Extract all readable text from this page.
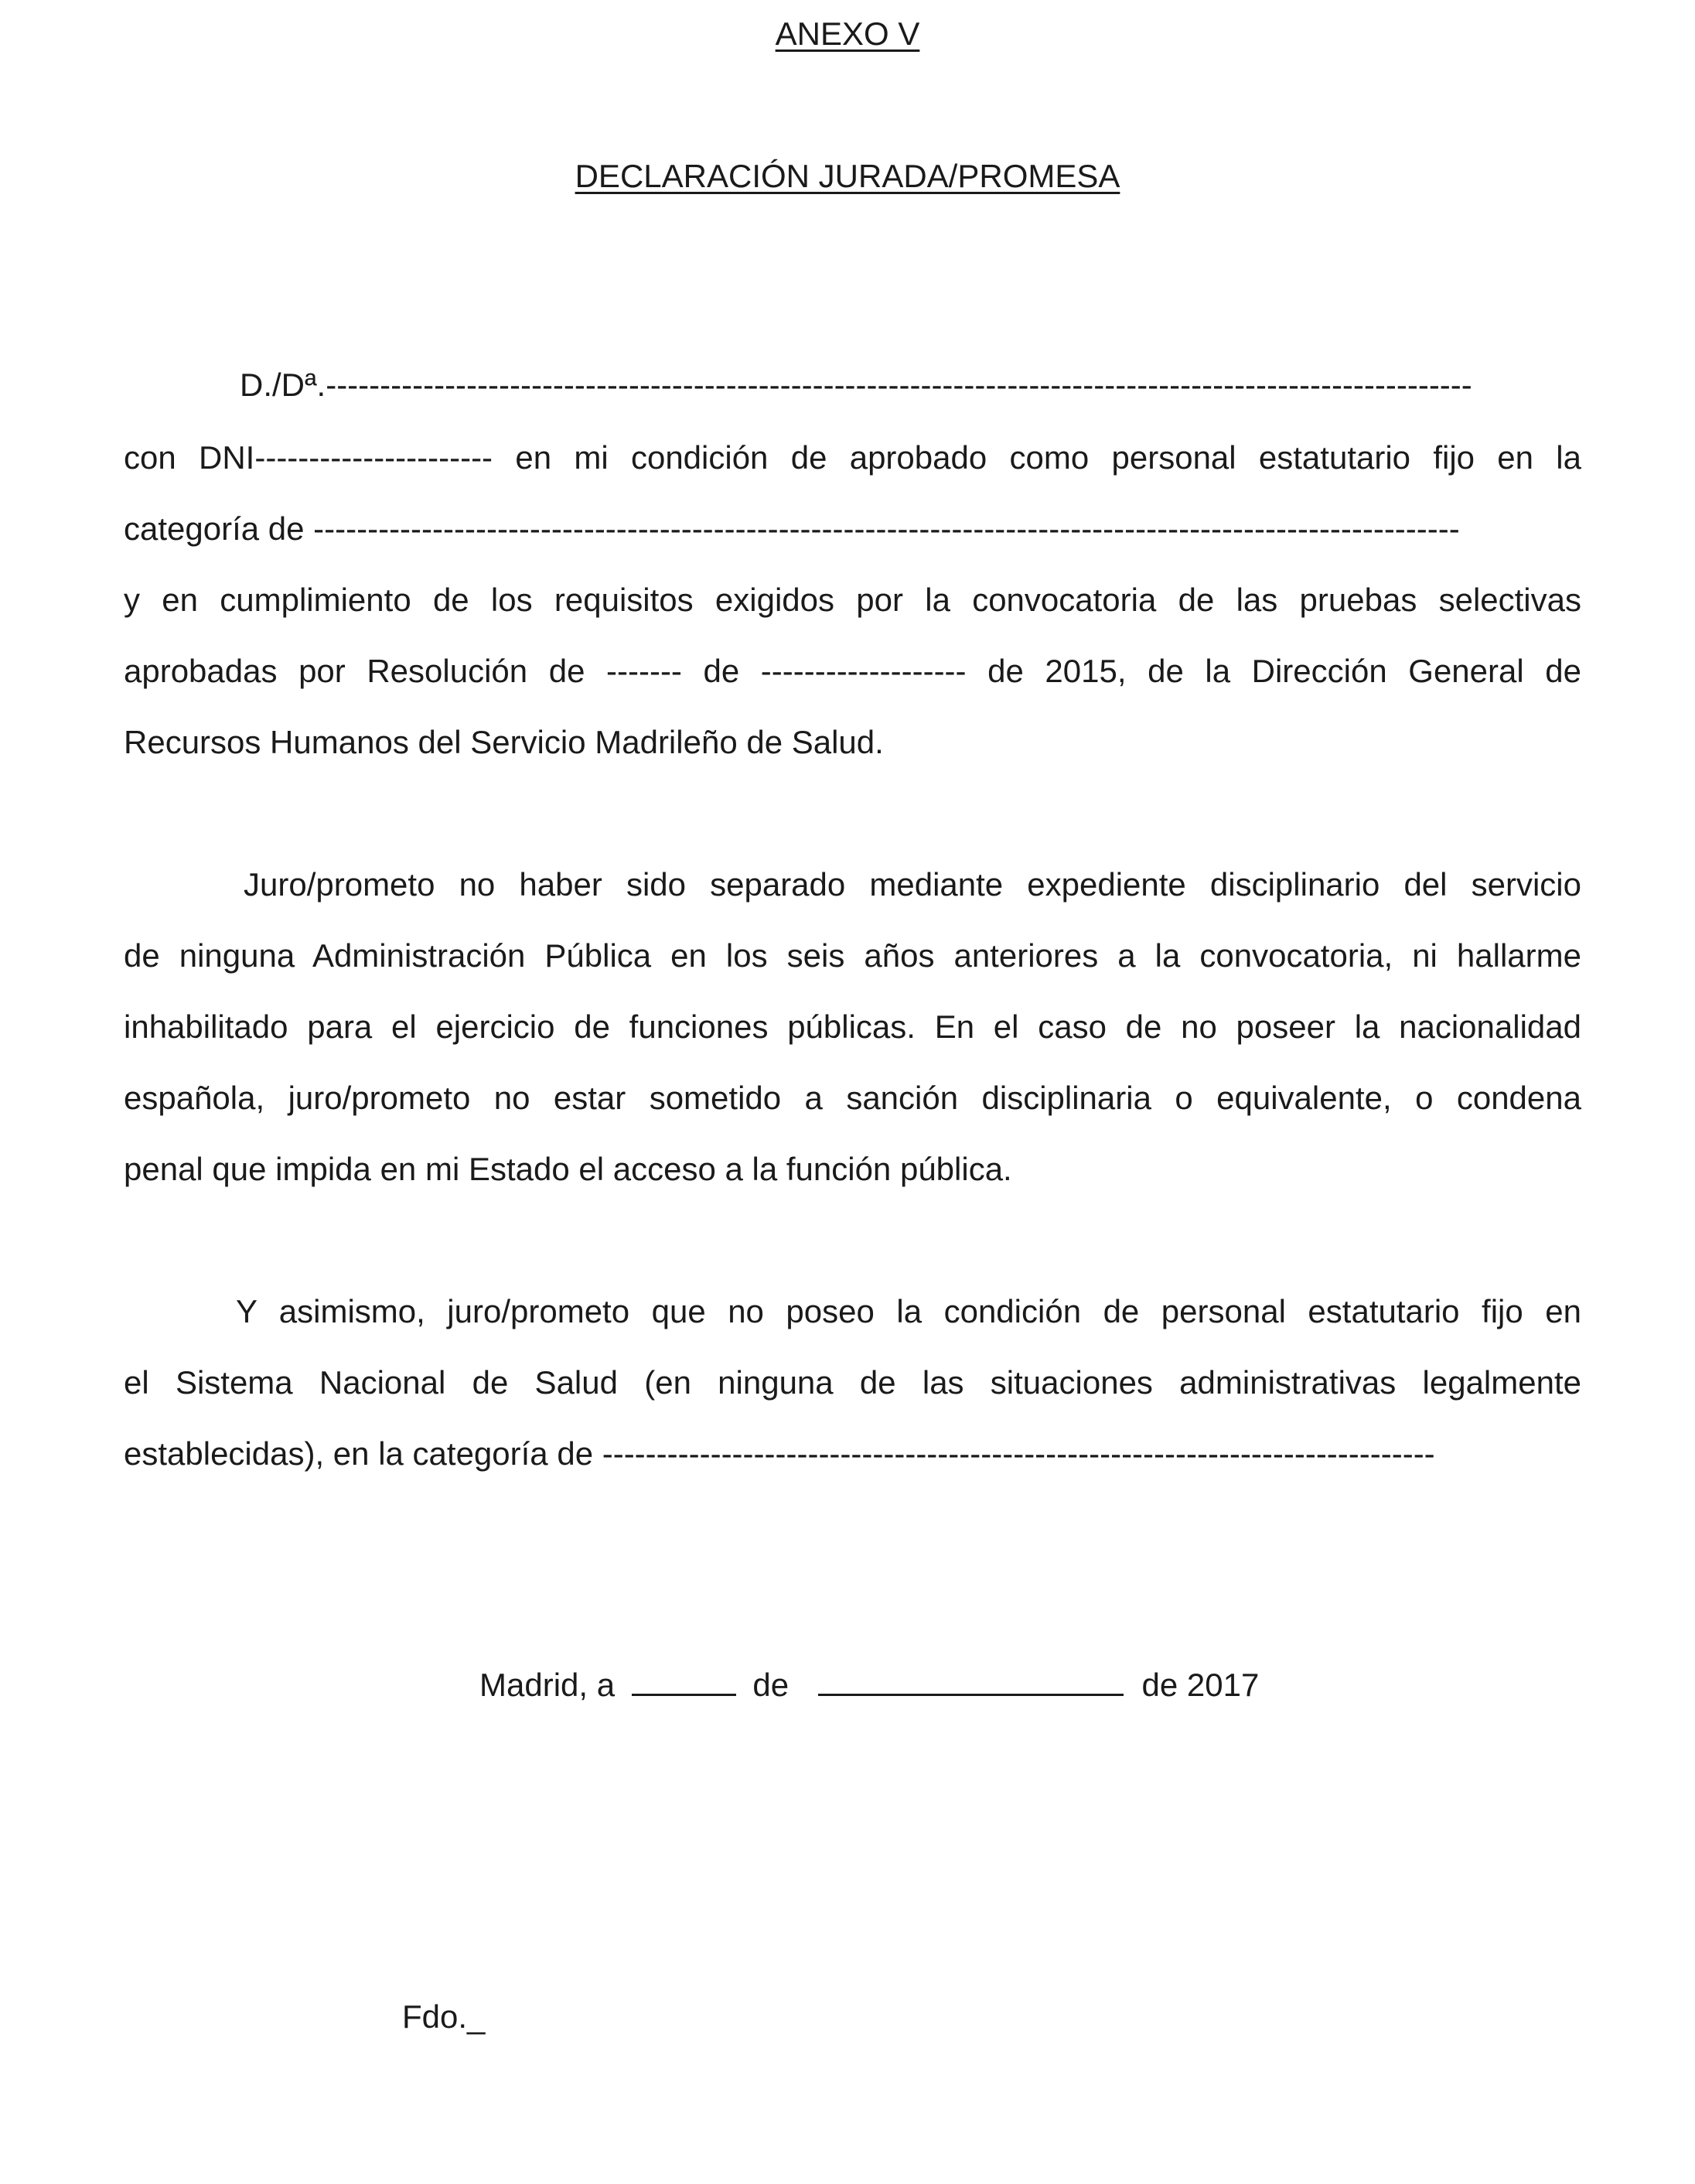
ANEXO V
DECLARACIÓN JURADA/PROMESA

D./Dª.----------------------------------------------------------------------------------------------------------

con DNI---------------------- en mi condición de aprobado como personal estatutario fijo en la

categoría de ----------------------------------------------------------------------------------------------------------

y en cumplimiento de los requisitos exigidos por la convocatoria de las pruebas selectivas

aprobadas por Resolución de ------- de ------------------- de 2015, de la Dirección General de

Recursos Humanos del Servicio Madrileño de Salud.

Juro/prometo no haber sido separado mediante expediente disciplinario del servicio

de ninguna Administración Pública en los seis años anteriores a la convocatoria, ni hallarme

inhabilitado para el ejercicio de funciones públicas. En el caso de no poseer la nacionalidad

española, juro/prometo no estar sometido a sanción disciplinaria o equivalente, o condena

penal que impida en mi Estado el acceso a la función pública.

Y asimismo, juro/prometo que no poseo la condición de personal estatutario fijo en

el Sistema Nacional de Salud (en ninguna de las situaciones administrativas legalmente

establecidas), en la categoría de -----------------------------------------------------------------------------

Madrid, a	de	de 2017

Fdo._
